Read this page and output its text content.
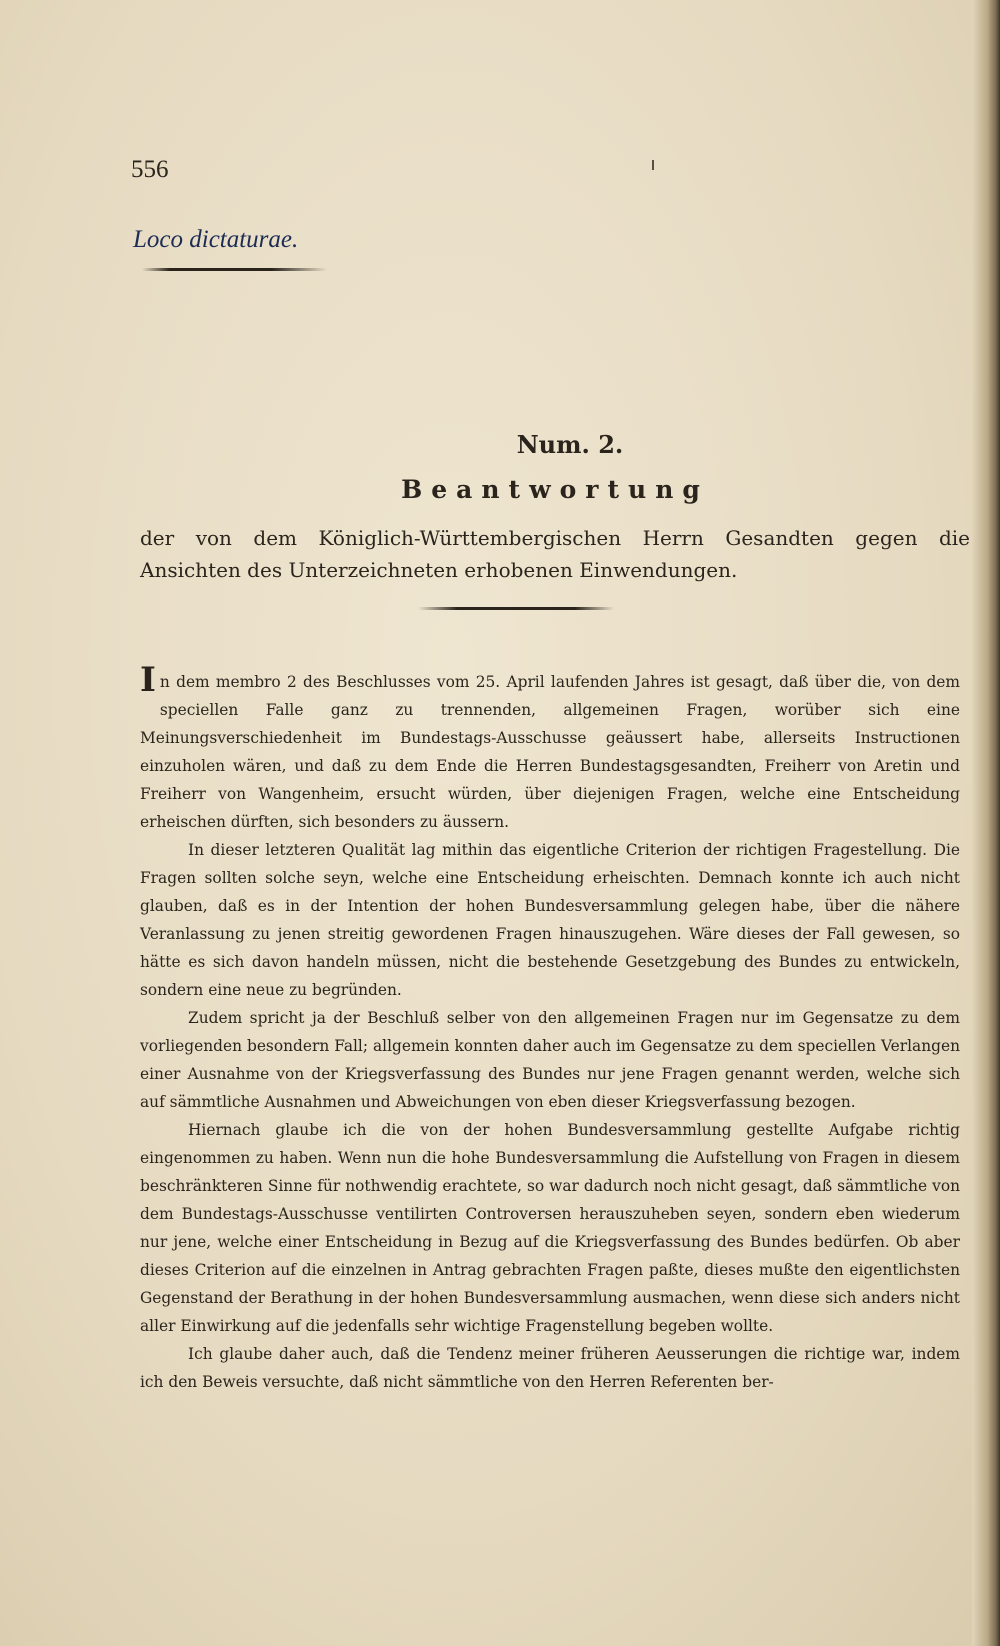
556
Loco dictaturae.
Num. 2.
Beantwortung
der von dem Königlich-Württembergischen Herrn Gesandten gegen die Ansichten des Unterzeichneten erhobenen Einwendungen.

In dem membro 2 des Beschlusses vom 25. April laufenden Jahres ist gesagt, daß über die, von dem speciellen Falle ganz zu trennenden, allgemeinen Fragen, worüber sich eine Meinungsverschiedenheit im Bundestags-Ausschusse geäussert habe, allerseits Instructionen einzuholen wären, und daß zu dem Ende die Herren Bundestagsgesandten, Freiherr von Aretin und Freiherr von Wangenheim, ersucht würden, über diejenigen Fragen, welche eine Entscheidung erheischen dürften, sich besonders zu äussern.

In dieser letzteren Qualität lag mithin das eigentliche Criterion der richtigen Fragestellung. Die Fragen sollten solche seyn, welche eine Entscheidung erheischten. Demnach konnte ich auch nicht glauben, daß es in der Intention der hohen Bundesversammlung gelegen habe, über die nähere Veranlassung zu jenen streitig gewordenen Fragen hinauszugehen. Wäre dieses der Fall gewesen, so hätte es sich davon handeln müssen, nicht die bestehende Gesetzgebung des Bundes zu entwickeln, sondern eine neue zu begründen.

Zudem spricht ja der Beschluß selber von den allgemeinen Fragen nur im Gegensatze zu dem vorliegenden besondern Fall; allgemein konnten daher auch im Gegensatze zu dem speciellen Verlangen einer Ausnahme von der Kriegsverfassung des Bundes nur jene Fragen genannt werden, welche sich auf sämmtliche Ausnahmen und Abweichungen von eben dieser Kriegsverfassung bezogen.

Hiernach glaube ich die von der hohen Bundesversammlung gestellte Aufgabe richtig eingenommen zu haben. Wenn nun die hohe Bundesversammlung die Aufstellung von Fragen in diesem beschränkteren Sinne für nothwendig erachtete, so war dadurch noch nicht gesagt, daß sämmtliche von dem Bundestags-Ausschusse ventilirten Controversen herauszuheben seyen, sondern eben wiederum nur jene, welche einer Entscheidung in Bezug auf die Kriegsverfassung des Bundes bedürfen. Ob aber dieses Criterion auf die einzelnen in Antrag gebrachten Fragen paßte, dieses mußte den eigentlichsten Gegenstand der Berathung in der hohen Bundesversammlung ausmachen, wenn diese sich anders nicht aller Einwirkung auf die jedenfalls sehr wichtige Fragenstellung begeben wollte.

Ich glaube daher auch, daß die Tendenz meiner früheren Aeusserungen die richtige war, indem ich den Beweis versuchte, daß nicht sämmtliche von den Herren Referenten ber-
